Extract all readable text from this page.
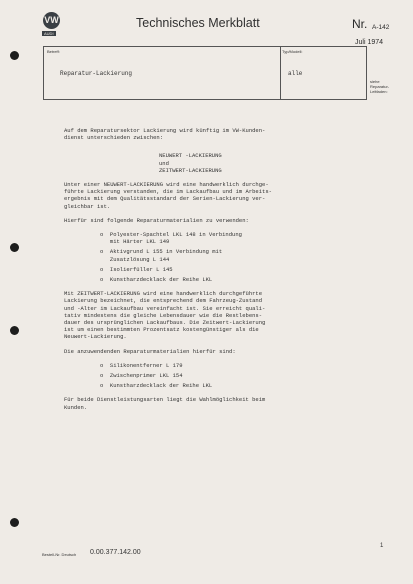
VW
AUDI
Technisches Merkblatt	Nr. A-142
Juli 1974
Betreff:
Reparatur-Lackierung
Typ/Modell:
alle
siehe
Reparatur-
Leitfaden:
Auf dem Reparatursektor Lackierung wird künftig im VW-Kunden-
dienst unterschieden zwischen:
NEUWERT -LACKIERUNG
und
ZEITWERT-LACKIERUNG
Unter einer NEUWERT-LACKIERUNG wird eine handwerklich durchge-
führte Lackierung verstanden, die im Lackaufbau und im Arbeits-
ergebnis mit dem Qualitätsstandard der Serien-Lackierung ver-
gleichbar ist.
Hierfür sind folgende Reparaturmaterialien zu verwenden:
o  Polyester-Spachtel LKL 148 in Verbindung
mit Härter LKL 149
o  Aktivgrund L 155 in Verbindung mit
Zusatzlösung L 144
o  Isolierfüller L 145
o  Kunstharzdecklack der Reihe LKL
Mit ZEITWERT-LACKIERUNG wird eine handwerklich durchgeführte
Lackierung bezeichnet, die entsprechend dem Fahrzeug-Zustand
und -Alter im Lackaufbau vereinfacht ist. Sie erreicht quali-
tativ mindestens die gleiche Lebensdauer wie die Restlebens-
dauer des ursprünglichen Lackaufbaus. Die Zeitwert-Lackierung
ist um einen bestimmten Prozentsatz kostengünstiger als die
Neuwert-Lackierung.
Die anzuwendenden Reparaturmaterialien hierfür sind:
o  Silikonentferner L 179
o  Zwischenprimer LKL 154
o  Kunstharzdecklack der Reihe LKL
Für beide Dienstleistungsarten liegt die Wahlmöglichkeit beim
Kunden.
Bestell-Nr. Deutsch 0.00.377.142.00
1
